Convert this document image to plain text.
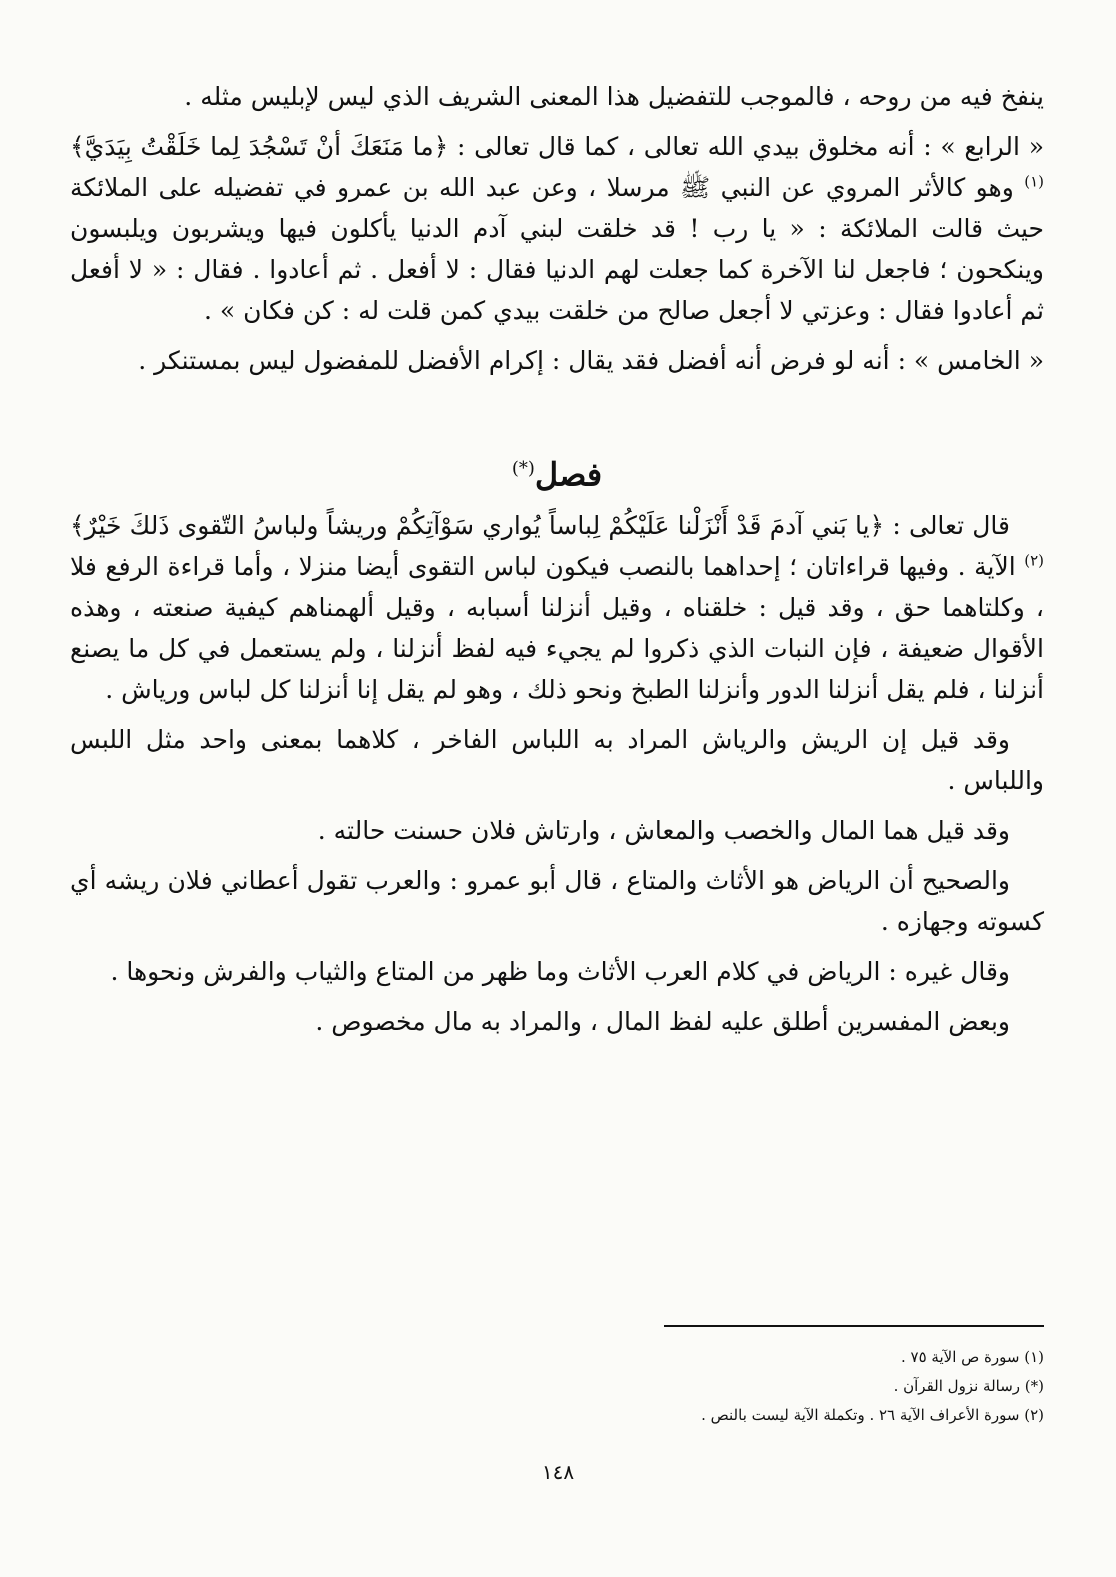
ينفخ فيه من روحه ، فالموجب للتفضيل هذا المعنى الشريف الذي ليس لإبليس مثله .

« الرابع » : أنه مخلوق بيدي الله تعالى ، كما قال تعالى : ﴿ما مَنَعَكَ أنْ تَسْجُدَ لِما خَلَقْتُ بِيَدَيَّ﴾$^{(١)}$ وهو كالأثر المروي عن النبي ﷺ مرسلا ، وعن عبد الله بن عمرو في تفضيله على الملائكة حيث قالت الملائكة : « يا رب ! قد خلقت لبني آدم الدنيا يأكلون فيها ويشربون ويلبسون وينكحون ؛ فاجعل لنا الآخرة كما جعلت لهم الدنيا فقال : لا أفعل . ثم أعادوا . فقال : « لا أفعل ثم أعادوا فقال : وعزتي لا أجعل صالح من خلقت بيدي كمن قلت له : كن فكان » .

« الخامس » : أنه لو فرض أنه أفضل فقد يقال : إكرام الأفضل للمفضول ليس بمستنكر .

فصل(*)

قال تعالى : ﴿يا بَني آدمَ قَدْ أَنْزَلْنا عَلَيْكُمْ لِباساً يُواري سَوْآتِكُمْ وريشاً ولباسُ التّقوى ذَلكَ خَيْرٌ﴾$^{(٢)}$ الآية . وفيها قراءاتان ؛ إحداهما بالنصب فيكون لباس التقوى أيضا منزلا ، وأما قراءة الرفع فلا ، وكلتاهما حق ، وقد قيل : خلقناه ، وقيل أنزلنا أسبابه ، وقيل ألهمناهم كيفية صنعته ، وهذه الأقوال ضعيفة ، فإن النبات الذي ذكروا لم يجيء فيه لفظ أنزلنا ، ولم يستعمل في كل ما يصنع أنزلنا ، فلم يقل أنزلنا الدور وأنزلنا الطبخ ونحو ذلك ، وهو لم يقل إنا أنزلنا كل لباس ورياش .

وقد قيل إن الريش والرياش المراد به اللباس الفاخر ، كلاهما بمعنى واحد مثل اللبس واللباس .

وقد قيل هما المال والخصب والمعاش ، وارتاش فلان حسنت حالته .

والصحيح أن الرياض هو الأثاث والمتاع ، قال أبو عمرو : والعرب تقول أعطاني فلان ريشه أي كسوته وجهازه .

وقال غيره : الرياض في كلام العرب الأثاث وما ظهر من المتاع والثياب والفرش ونحوها .

وبعض المفسرين أطلق عليه لفظ المال ، والمراد به مال مخصوص .

(١) سورة ص الآية ٧٥ .
(*) رسالة نزول القرآن .
(٢) سورة الأعراف الآية ٢٦ . وتكملة الآية ليست بالنص .
١٤٨
